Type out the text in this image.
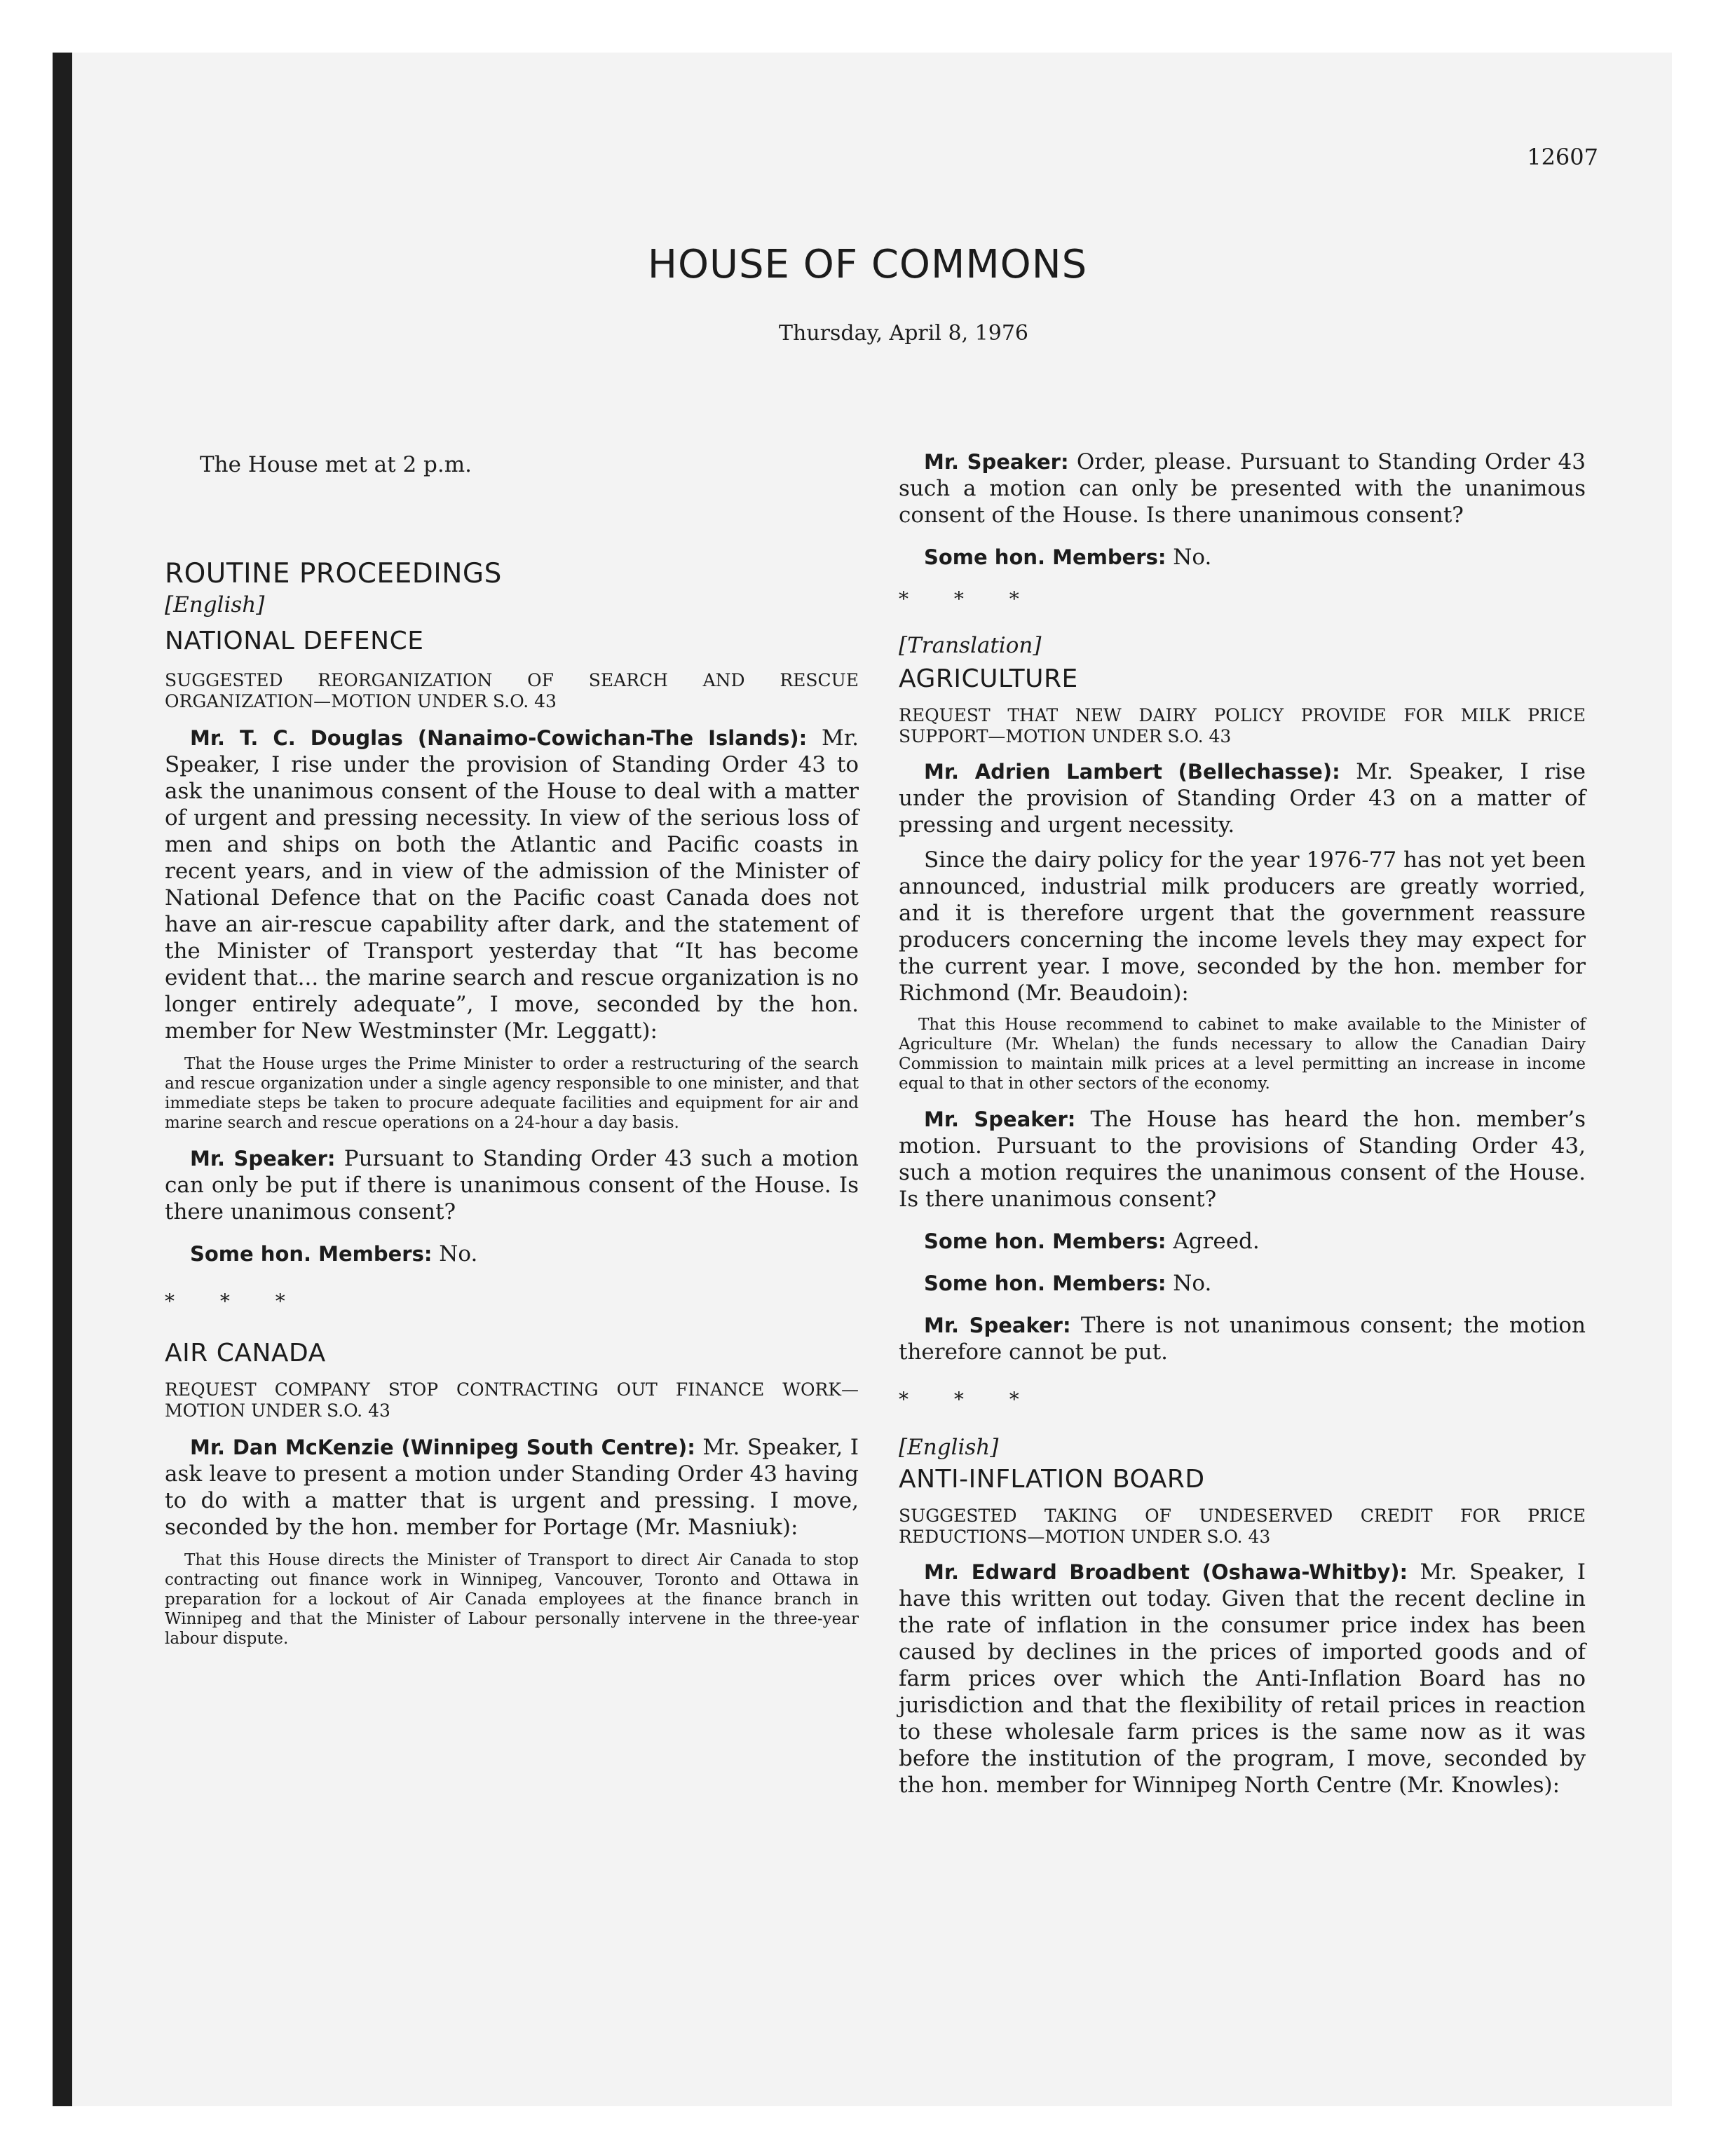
12607
HOUSE OF COMMONS
Thursday, April 8, 1976

The House met at 2 p.m.

ROUTINE PROCEEDINGS

[English]

NATIONAL DEFENCE

SUGGESTED REORGANIZATION OF SEARCH AND RESCUE ORGANIZATION—MOTION UNDER S.O. 43

Mr. T. C. Douglas (Nanaimo-Cowichan-The Islands): Mr. Speaker, I rise under the provision of Standing Order 43 to ask the unanimous consent of the House to deal with a matter of urgent and pressing necessity. In view of the serious loss of men and ships on both the Atlantic and Pacific coasts in recent years, and in view of the admission of the Minister of National Defence that on the Pacific coast Canada does not have an air-rescue capability after dark, and the statement of the Minister of Transport yesterday that “It has become evident that... the marine search and rescue organization is no longer entirely adequate”, I move, seconded by the hon. member for New Westminster (Mr. Leggatt):

That the House urges the Prime Minister to order a restructuring of the search and rescue organization under a single agency responsible to one minister, and that immediate steps be taken to procure adequate facilities and equipment for air and marine search and rescue operations on a 24-hour a day basis.

Mr. Speaker: Pursuant to Standing Order 43 such a motion can only be put if there is unanimous consent of the House. Is there unanimous consent?

Some hon. Members: No.

* * *

AIR CANADA

REQUEST COMPANY STOP CONTRACTING OUT FINANCE WORK—MOTION UNDER S.O. 43

Mr. Dan McKenzie (Winnipeg South Centre): Mr. Speaker, I ask leave to present a motion under Standing Order 43 having to do with a matter that is urgent and pressing. I move, seconded by the hon. member for Portage (Mr. Masniuk):

That this House directs the Minister of Transport to direct Air Canada to stop contracting out finance work in Winnipeg, Vancouver, Toronto and Ottawa in preparation for a lockout of Air Canada employees at the finance branch in Winnipeg and that the Minister of Labour personally intervene in the three-year labour dispute.

Mr. Speaker: Order, please. Pursuant to Standing Order 43 such a motion can only be presented with the unanimous consent of the House. Is there unanimous consent?

Some hon. Members: No.

* * *

[Translation]

AGRICULTURE

REQUEST THAT NEW DAIRY POLICY PROVIDE FOR MILK PRICE SUPPORT—MOTION UNDER S.O. 43

Mr. Adrien Lambert (Bellechasse): Mr. Speaker, I rise under the provision of Standing Order 43 on a matter of pressing and urgent necessity.

Since the dairy policy for the year 1976-77 has not yet been announced, industrial milk producers are greatly worried, and it is therefore urgent that the government reassure producers concerning the income levels they may expect for the current year. I move, seconded by the hon. member for Richmond (Mr. Beaudoin):

That this House recommend to cabinet to make available to the Minister of Agriculture (Mr. Whelan) the funds necessary to allow the Canadian Dairy Commission to maintain milk prices at a level permitting an increase in income equal to that in other sectors of the economy.

Mr. Speaker: The House has heard the hon. member’s motion. Pursuant to the provisions of Standing Order 43, such a motion requires the unanimous consent of the House. Is there unanimous consent?

Some hon. Members: Agreed.

Some hon. Members: No.

Mr. Speaker: There is not unanimous consent; the motion therefore cannot be put.

* * *

[English]

ANTI-INFLATION BOARD

SUGGESTED TAKING OF UNDESERVED CREDIT FOR PRICE REDUCTIONS—MOTION UNDER S.O. 43

Mr. Edward Broadbent (Oshawa-Whitby): Mr. Speaker, I have this written out today. Given that the recent decline in the rate of inflation in the consumer price index has been caused by declines in the prices of imported goods and of farm prices over which the Anti-Inflation Board has no jurisdiction and that the flexibility of retail prices in reaction to these wholesale farm prices is the same now as it was before the institution of the program, I move, seconded by the hon. member for Winnipeg North Centre (Mr. Knowles):
